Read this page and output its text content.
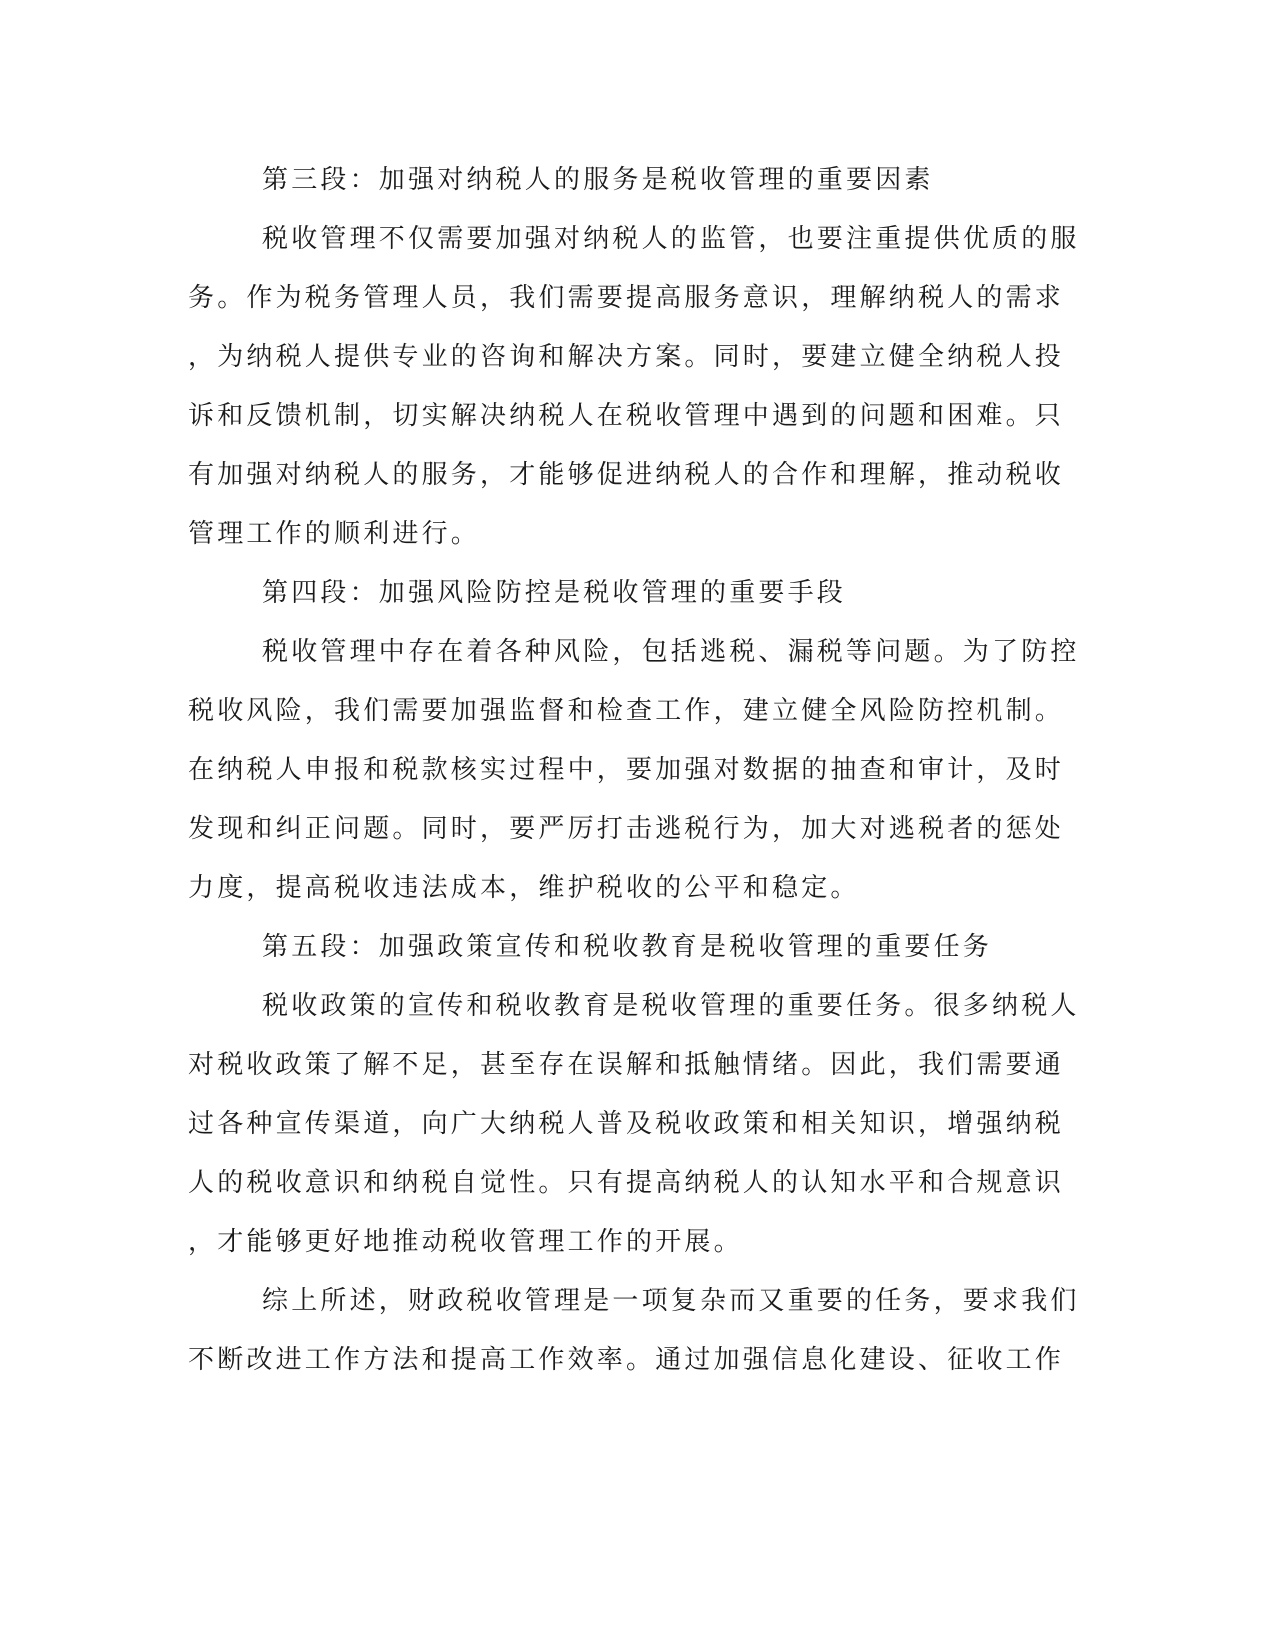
第三段：加强对纳税人的服务是税收管理的重要因素
税收管理不仅需要加强对纳税人的监管，也要注重提供优质的服
务。作为税务管理人员，我们需要提高服务意识，理解纳税人的需求
，为纳税人提供专业的咨询和解决方案。同时，要建立健全纳税人投
诉和反馈机制，切实解决纳税人在税收管理中遇到的问题和困难。只
有加强对纳税人的服务，才能够促进纳税人的合作和理解，推动税收
管理工作的顺利进行。
第四段：加强风险防控是税收管理的重要手段
税收管理中存在着各种风险，包括逃税、漏税等问题。为了防控
税收风险，我们需要加强监督和检查工作，建立健全风险防控机制。
在纳税人申报和税款核实过程中，要加强对数据的抽查和审计，及时
发现和纠正问题。同时，要严厉打击逃税行为，加大对逃税者的惩处
力度，提高税收违法成本，维护税收的公平和稳定。
第五段：加强政策宣传和税收教育是税收管理的重要任务
税收政策的宣传和税收教育是税收管理的重要任务。很多纳税人
对税收政策了解不足，甚至存在误解和抵触情绪。因此，我们需要通
过各种宣传渠道，向广大纳税人普及税收政策和相关知识，增强纳税
人的税收意识和纳税自觉性。只有提高纳税人的认知水平和合规意识
，才能够更好地推动税收管理工作的开展。
综上所述，财政税收管理是一项复杂而又重要的任务，要求我们
不断改进工作方法和提高工作效率。通过加强信息化建设、征收工作
